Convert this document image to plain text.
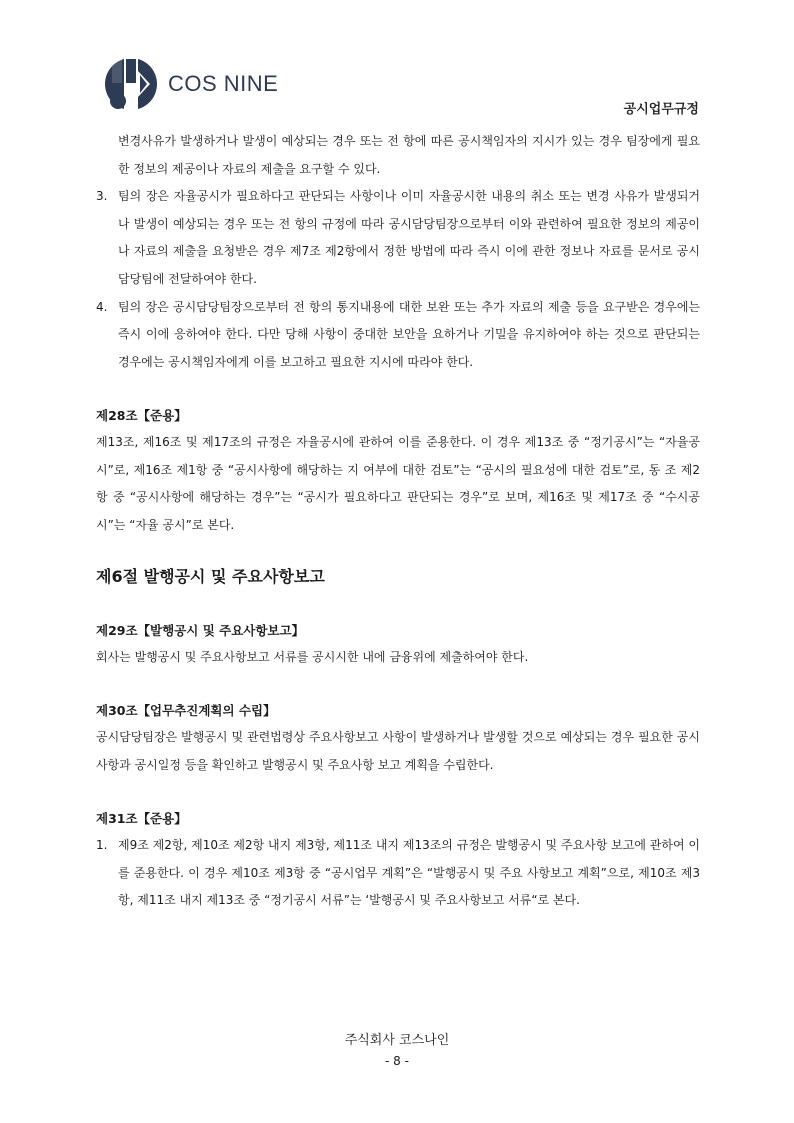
COS NINE
공시업무규정

변경사유가 발생하거나 발생이 예상되는 경우 또는 전 항에 따른 공시책임자의 지시가 있는 경우 팀장에게 필요한 정보의 제공이나 자료의 제출을 요구할 수 있다.

3. 팀의 장은 자율공시가 필요하다고 판단되는 사항이나 이미 자율공시한 내용의 취소 또는 변경 사유가 발생되거나 발생이 예상되는 경우 또는 전 항의 규정에 따라 공시담당팀장으로부터 이와 관련하여 필요한 정보의 제공이나 자료의 제출을 요청받은 경우 제7조 제2항에서 정한 방법에 따라 즉시 이에 관한 정보나 자료를 문서로 공시담당팀에 전달하여야 한다.

4. 팀의 장은 공시담당팀장으로부터 전 항의 통지내용에 대한 보완 또는 추가 자료의 제출 등을 요구받은 경우에는 즉시 이에 응하여야 한다. 다만 당해 사항이 중대한 보안을 요하거나 기밀을 유지하여야 하는 것으로 판단되는 경우에는 공시책임자에게 이를 보고하고 필요한 지시에 따라야 한다.

제28조【준용】

제13조, 제16조 및 제17조의 규정은 자율공시에 관하여 이를 준용한다. 이 경우 제13조 중 “정기공시”는 “자율공시”로, 제16조 제1항 중 “공시사항에 해당하는 지 여부에 대한 검토”는 “공시의 필요성에 대한 검토”로, 동 조 제2항 중 “공시사항에 해당하는 경우”는 “공시가 필요하다고 판단되는 경우”로 보며, 제16조 및 제17조 중 “수시공시”는 “자율 공시”로 본다.

제6절 발행공시 및 주요사항보고

제29조【발행공시 및 주요사항보고】

회사는 발행공시 및 주요사항보고 서류를 공시시한 내에 금융위에 제출하여야 한다.

제30조【업무추진계획의 수립】

공시담당팀장은 발행공시 및 관련법령상 주요사항보고 사항이 발생하거나 발생할 것으로 예상되는 경우 필요한 공시사항과 공시일정 등을 확인하고 발행공시 및 주요사항 보고 계획을 수립한다.

제31조【준용】

1. 제9조 제2항, 제10조 제2항 내지 제3항, 제11조 내지 제13조의 규정은 발행공시 및 주요사항 보고에 관하여 이를 준용한다. 이 경우 제10조 제3항 중 “공시업무 계획”은 “발행공시 및 주요 사항보고 계획”으로, 제10조 제3항, 제11조 내지 제13조 중 “정기공시 서류”는 ‘발행공시 및 주요사항보고 서류“로 본다.

주식회사 코스나인
- 8 -
